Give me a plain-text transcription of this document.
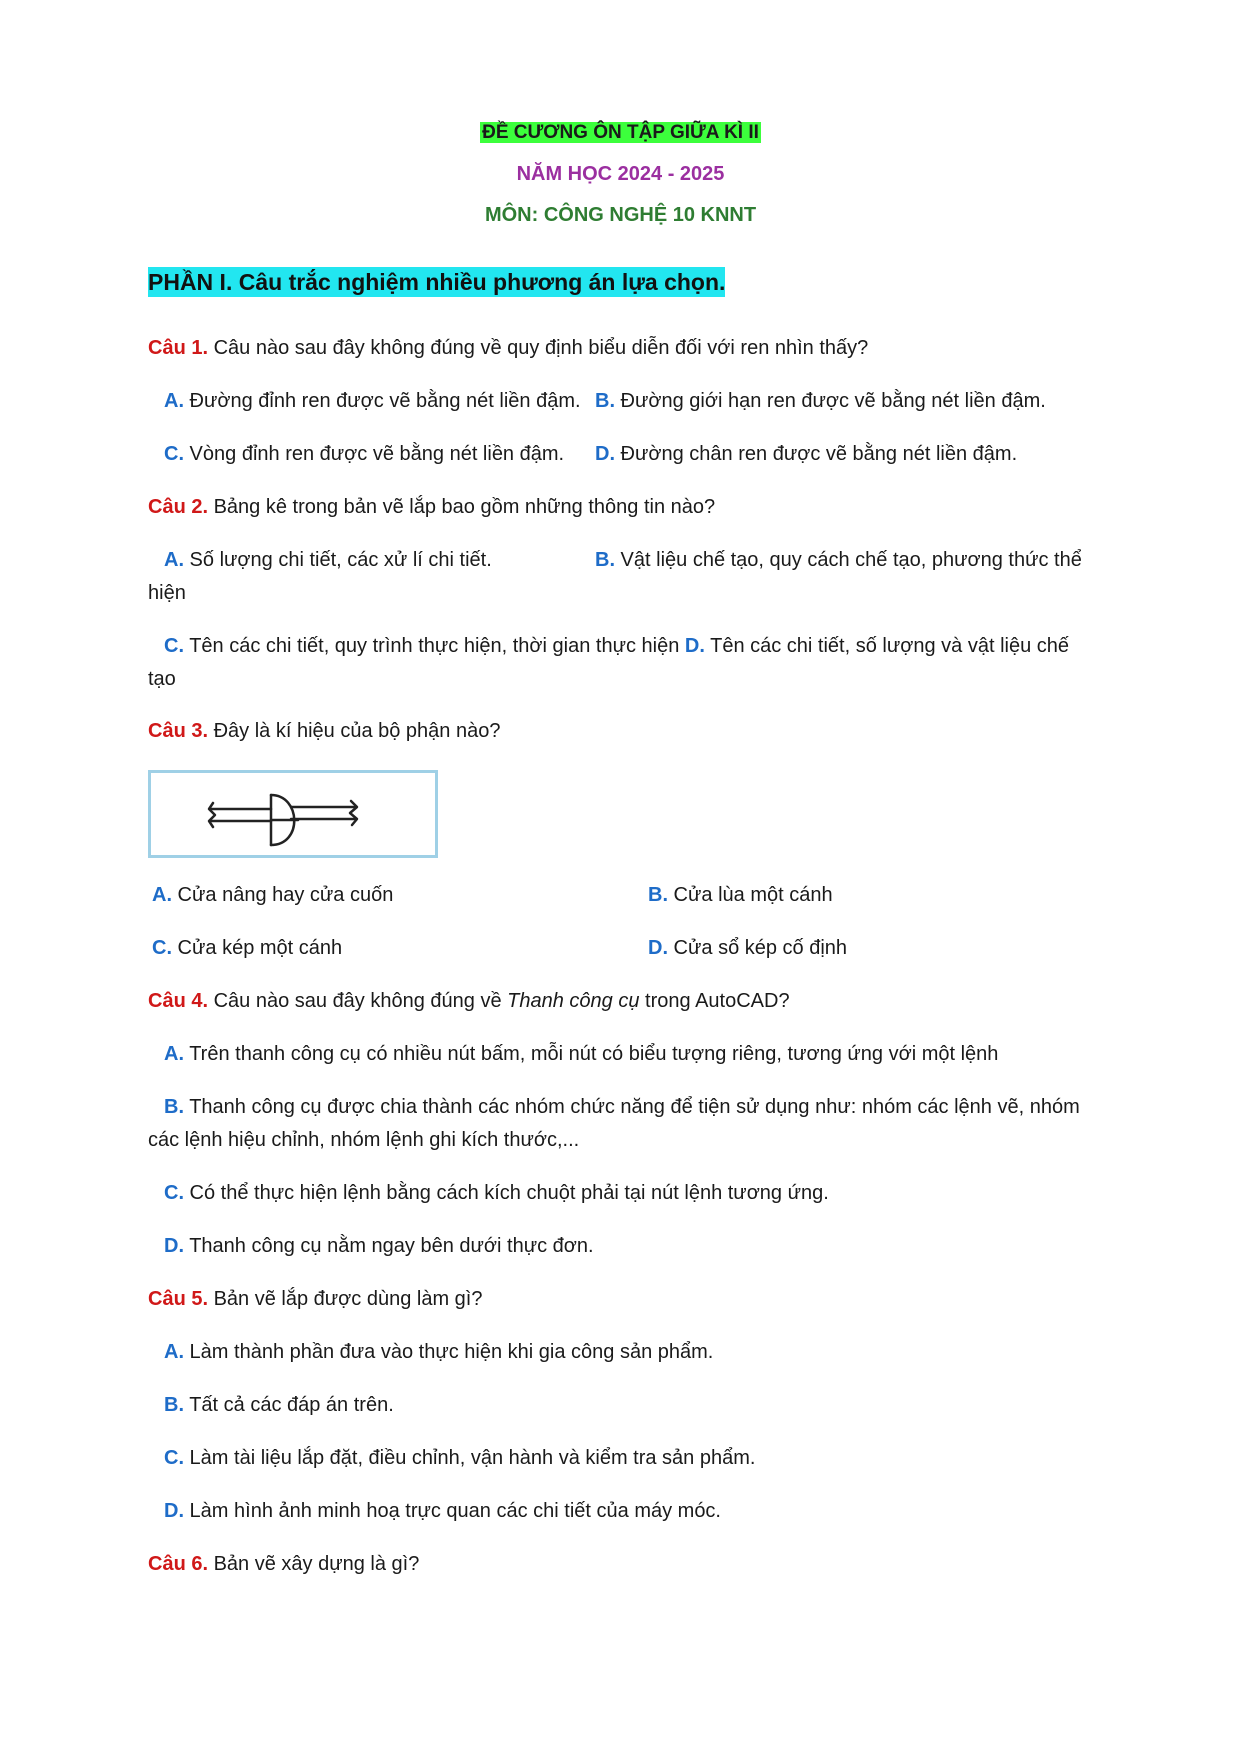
ĐỀ CƯƠNG ÔN TẬP GIỮA KÌ II
NĂM HỌC 2024 - 2025
MÔN: CÔNG NGHỆ 10 KNNT
PHẦN I. Câu trắc nghiệm nhiều phương án lựa chọn.
Câu 1. Câu nào sau đây không đúng về quy định biểu diễn đối với ren nhìn thấy?
A. Đường đỉnh ren được vẽ bằng nét liền đậm. B. Đường giới hạn ren được vẽ bằng nét liền đậm.
C. Vòng đỉnh ren được vẽ bằng nét liền đậm. D. Đường chân ren được vẽ bằng nét liền đậm.
Câu 2. Bảng kê trong bản vẽ lắp bao gồm những thông tin nào?
A. Số lượng chi tiết, các xử lí chi tiết.	B. Vật liệu chế tạo, quy cách chế tạo, phương thức thể
hiện
C. Tên các chi tiết, quy trình thực hiện, thời gian thực hiện D. Tên các chi tiết, số lượng và vật liệu chế
tạo
Câu 3. Đây là kí hiệu của bộ phận nào?
A. Cửa nâng hay cửa cuốn	B. Cửa lùa một cánh
C. Cửa kép một cánh	D. Cửa sổ kép cố định
Câu 4. Câu nào sau đây không đúng về Thanh công cụ trong AutoCAD?
A. Trên thanh công cụ có nhiều nút bấm, mỗi nút có biểu tượng riêng, tương ứng với một lệnh
B. Thanh công cụ được chia thành các nhóm chức năng để tiện sử dụng như: nhóm các lệnh vẽ, nhóm
các lệnh hiệu chỉnh, nhóm lệnh ghi kích thước,...
C. Có thể thực hiện lệnh bằng cách kích chuột phải tại nút lệnh tương ứng.
D. Thanh công cụ nằm ngay bên dưới thực đơn.
Câu 5. Bản vẽ lắp được dùng làm gì?
A. Làm thành phần đưa vào thực hiện khi gia công sản phẩm.
B. Tất cả các đáp án trên.
C. Làm tài liệu lắp đặt, điều chỉnh, vận hành và kiểm tra sản phẩm.
D. Làm hình ảnh minh hoạ trực quan các chi tiết của máy móc.
Câu 6. Bản vẽ xây dựng là gì?
